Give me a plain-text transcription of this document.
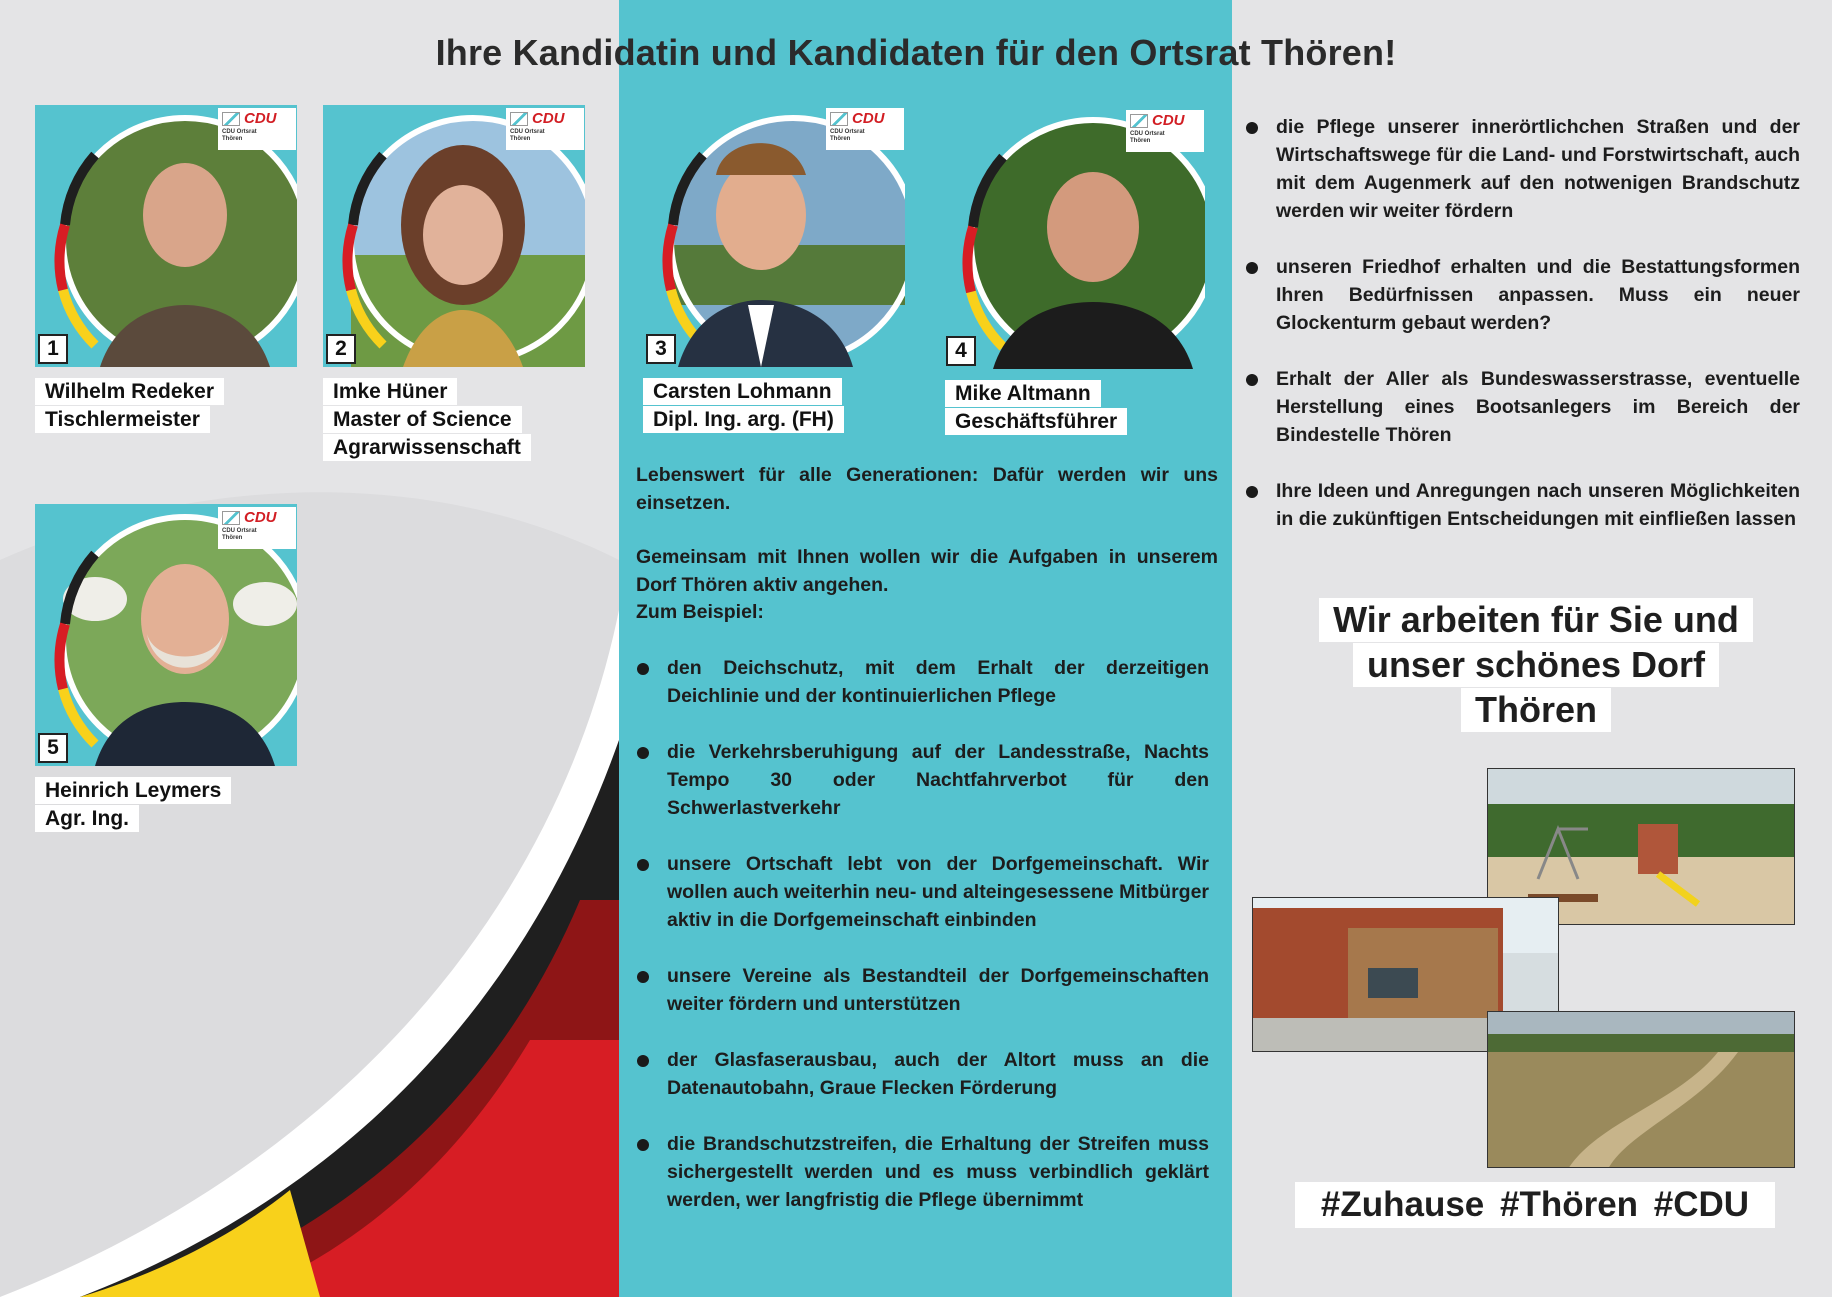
Ihre Kandidatin und Kandidaten für den Ortsrat Thören!
CDU
CDU Ortsrat
Thören
1
Wilhelm Redeker
Tischlermeister
CDU
CDU Ortsrat
Thören
2
Imke Hüner
Master of Science
Agrarwissenschaft
CDU
CDU Ortsrat
Thören
3
Carsten Lohmann
Dipl. Ing. arg. (FH)
CDU
CDU Ortsrat
Thören
4
Mike Altmann
Geschäftsführer
CDU
CDU Ortsrat
Thören
5
Heinrich Leymers
Agr. Ing.

Lebenswert für alle Generationen: Dafür werden wir uns einsetzen.

Gemeinsam mit Ihnen wollen wir die Aufgaben in unserem Dorf Thören aktiv angehen.

Zum Beispiel:

den Deichschutz, mit dem Erhalt der derzeitigen Deichlinie und der kontinuierlichen Pflege
die Verkehrsberuhigung auf der Landesstraße, Nachts Tempo 30 oder Nachtfahrverbot für den Schwerlastverkehr
unsere Ortschaft lebt von der Dorfgemeinschaft. Wir wollen auch weiterhin neu- und alteingesessene Mitbürger aktiv in die Dorfgemeinschaft einbinden
unsere Vereine als Bestandteil der Dorfgemeinschaften weiter fördern und unterstützen
der Glasfaserausbau, auch der Altort muss an die Datenautobahn, Graue Flecken Förderung
die Brandschutzstreifen, die Erhaltung der Streifen muss sichergestellt werden und es muss verbindlich geklärt werden, wer langfristig die Pflege übernimmt
die Pflege unserer innerörtlichchen Straßen und der Wirtschaftswege für die Land- und Forstwirtschaft, auch mit dem Augenmerk auf den notwenigen Brandschutz werden wir weiter fördern
unseren Friedhof erhalten und die Bestattungsformen Ihren Bedürfnissen anpassen. Muss ein neuer Glockenturm gebaut werden?
Erhalt der Aller als Bundeswasserstrasse, eventuelle Herstellung eines Bootsanlegers im Bereich der Bindestelle Thören
Ihre Ideen und Anregungen nach unseren Möglichkeiten in die zukünftigen Entscheidungen mit einfließen lassen
Wir arbeiten für Sie und
unser schönes Dorf
Thören
#Zuhause #Thören #CDU
